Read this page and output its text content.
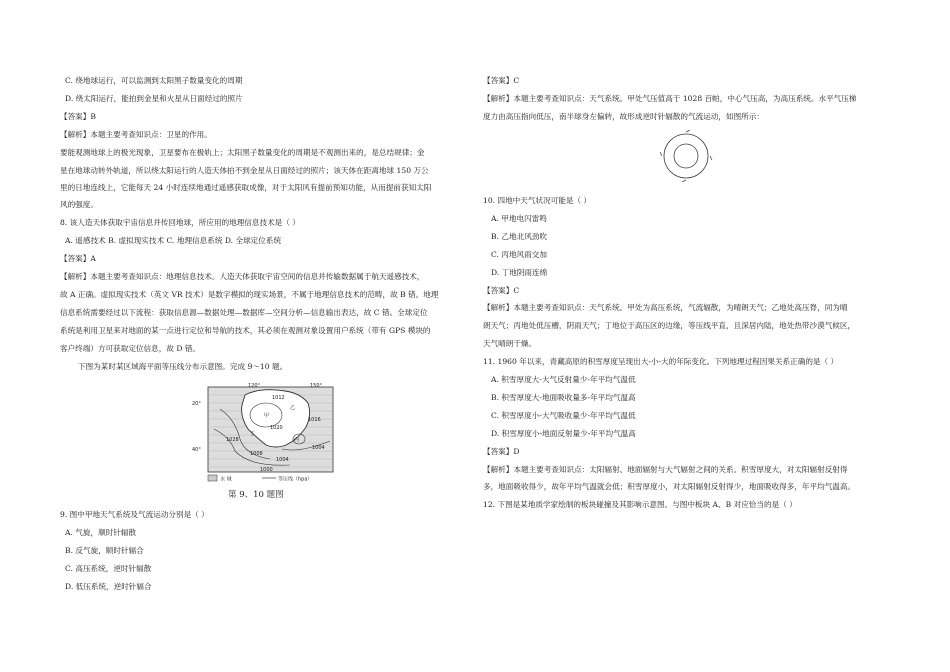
C. 绕地球运行，可以监测到太阳黑子数量变化的周期
D. 绕太阳运行，能拍到金星和火星从日面经过的照片
【答案】B
【解析】本题主要考查知识点：卫星的作用。
要能观测地球上的极光现象，卫星要布在极轨上；太阳黑子数量变化的周期是不观测出来的，是总结规律；金
星在地球动转外轨道，所以绕太阳运行的人造天体拍不到金星从日面经过的照片；该天体在距离地球 150 万公
里的日地连线上，它能每天 24 小时连续地通过遥感获取成像，对于太阳风有提前预知功能，从而提前获知太阳
风的强度。
8. 该人造天体获取宇宙信息并传回地球，所应用的地理信息技术是（ ）
A. 遥感技术 B. 虚拟现实技术 C. 地理信息系统 D. 全球定位系统
【答案】A
【解析】本题主要考查知识点：地理信息技术。人造天体获取宇宙空间的信息并传输数据属于航天遥感技术，
故 A 正确。虚拟现实技术（英文 VR 技术）是数字模拟的现实场景，不属于地理信息技术的范畴，故 B 错。地理
信息系统需要经过以下流程：获取信息源—数据处理—数据库—空间分析—信息输出表达，故 C 错。全球定位
系统是利用卫星来对地面的某一点进行定位和导航的技术，其必须在观测对象设置用户系统（带有 GPS 模块的
客户终端）方可获取定位信息，故 D 错。
下图为某时某区域海平面等压线分布示意图。完成 9～10 题。
120°	150°
20°
40°
1012
1020
1028
1016
1008
1004
1000
1004
甲
乙
丙
丁
水 域	等压线（hpa）
第 9、10 题图
9. 图中甲地天气系统及气流运动分别是（ ）
A. 气旋，顺时针辐散
B. 反气旋，顺时针辐合
C. 高压系统，逆时针辐散
D. 低压系统，逆时针辐合
【答案】C
【解析】本题主要考查知识点：天气系统。甲处气压值高于 1028 百帕，中心气压高，为高压系统。水平气压梯
度力由高压指向低压，南半球身左偏转，故形成逆时针辐散的气流运动，如图所示：
10. 四地中天气状况可能是（ ）
A. 甲地电闪雷鸣
B. 乙地北风劲吹
C. 丙地风雨交加
D. 丁地阴雨连绵
【答案】C
【解析】本题主要考查知识点：天气系统。甲处为高压系统，气流辐散，为晴朗天气；乙地处高压脊，同为晴
朗天气；丙地处低压槽，阴雨天气；丁地位于高压区的边缘，等压线平直，且深居内陆，地处热带沙漠气候区，
天气晴朗干燥。
11. 1960 年以来，青藏高原的积雪厚度呈现出大-小-大的年际变化。下列地理过程因果关系正确的是（ ）
A. 积雪厚度大-大气反射量少-年平均气温低
B. 积雪厚度大-地面吸收量多-年平均气温高
C. 积雪厚度小-大气吸收量少-年平均气温低
D. 积雪厚度小-地面反射量少-年平均气温高
【答案】D
【解析】本题主要考查知识点：太阳辐射、地面辐射与大气辐射之间的关系。积雪厚度大，对太阳辐射反射得
多，地面吸收得少，故年平均气温就会低；积雪厚度小，对太阳辐射反射得少，地面吸收得多，年平均气温高。
12. 下图是某地质学家绘制的板块碰撞及其影响示意图。与图中板块 A、B 对应恰当的是（ ）
